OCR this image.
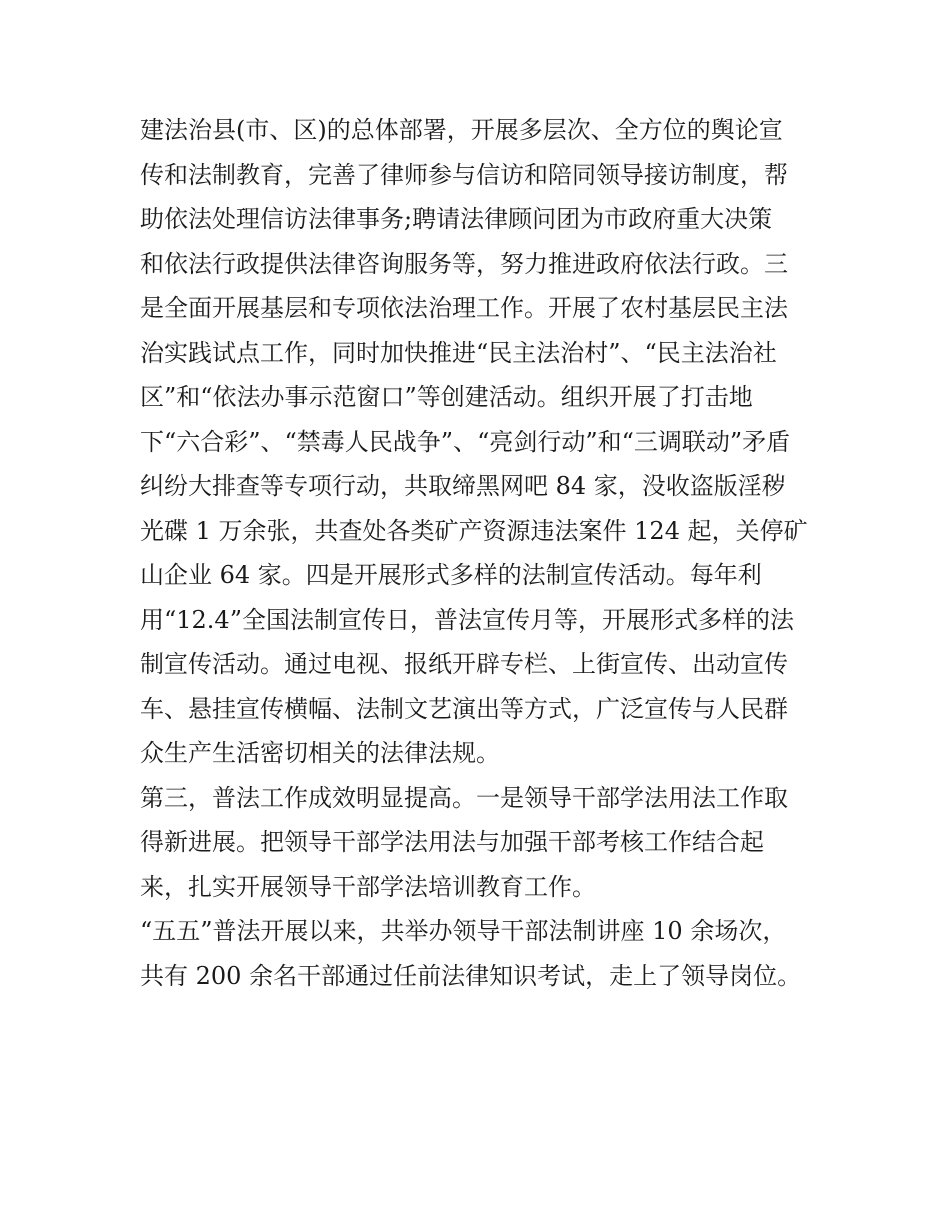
建法治县(市、区)的总体部署，开展多层次、全方位的舆论宣
传和法制教育，完善了律师参与信访和陪同领导接访制度，帮
助依法处理信访法律事务;聘请法律顾问团为市政府重大决策
和依法行政提供法律咨询服务等，努力推进政府依法行政。三
是全面开展基层和专项依法治理工作。开展了农村基层民主法
治实践试点工作，同时加快推进“民主法治村”、“民主法治社
区”和“依法办事示范窗口”等创建活动。组织开展了打击地
下“六合彩”、“禁毒人民战争”、“亮剑行动”和“三调联动”矛盾
纠纷大排查等专项行动，共取缔黑网吧 84 家，没收盗版淫秽
光碟 1 万余张，共查处各类矿产资源违法案件 124 起，关停矿
山企业 64 家。四是开展形式多样的法制宣传活动。每年利
用“12.4”全国法制宣传日，普法宣传月等，开展形式多样的法
制宣传活动。通过电视、报纸开辟专栏、上街宣传、出动宣传
车、悬挂宣传横幅、法制文艺演出等方式，广泛宣传与人民群
众生产生活密切相关的法律法规。
第三，普法工作成效明显提高。一是领导干部学法用法工作取
得新进展。把领导干部学法用法与加强干部考核工作结合起
来，扎实开展领导干部学法培训教育工作。
“五五”普法开展以来，共举办领导干部法制讲座 10 余场次，
共有 200 余名干部通过任前法律知识考试，走上了领导岗位。
